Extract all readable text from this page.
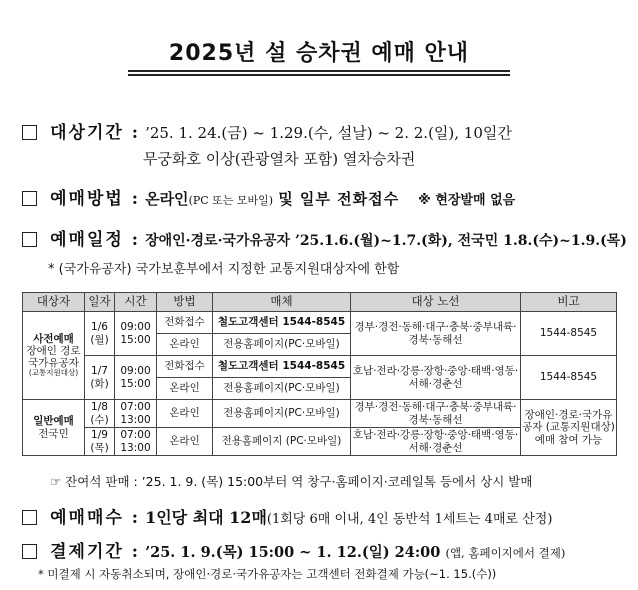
2025년 설 승차권 예매 안내
대상기간 : ’25. 1. 24.(금) ~ 1.29.(수, 설날) ~ 2. 2.(일), 10일간
무궁화호 이상(관광열차 포함) 열차승차권
예매방법 : 온라인(PC 또는 모바일) 및 일부 전화접수 ※ 현장발매 없음
예매일정 : 장애인·경로·국가유공자 ’25.1.6.(월)~1.7.(화), 전국민 1.8.(수)~1.9.(목)
* (국가유공자) 국가보훈부에서 지정한 교통지원대상자에 한함
대상자	일자	시간	방법	매체	대상 노선	비고

사전예매
장애인 경로 국가유공자
(교통지원대상)	1/6 (월)	09:00 15:00	전화접수	철도고객센터 1544-8545	경부·경전·동해·대구·충북·중부내륙·경북·동해선	1544-8545
			온라인	전용홈페이지(PC·모바일)		
	1/7 (화)	09:00 15:00	전화접수	철도고객센터 1544-8545	호남·전라·강릉·장항·중앙·태백·영동·서해·경춘선	1544-8545
			온라인	전용홈페이지(PC·모바일)		

일반예매
전국민	1/8 (수)	07:00 13:00	온라인	전용홈페이지(PC·모바일)	경부·경전·동해·대구·충북·중부내륙·경북·동해선	장애인·경로·국가유공자 (교통지원대상) 예매 참여 가능
	1/9 (목)	07:00 13:00	온라인	전용홈페이지 (PC·모바일)	호남·전라·강릉·장항·중앙·태백·영동·서해·경춘선	
☞ 잔여석 판매 : ’25. 1. 9. (목) 15:00부터 역 창구·홈페이지·코레일톡 등에서 상시 발매
예매매수 : 1인당 최대 12매(1회당 6매 이내, 4인 동반석 1세트는 4매로 산정)
결제기간 : ’25. 1. 9.(목) 15:00 ~ 1. 12.(일) 24:00 (앱, 홈페이지에서 결제)
* 미결제 시 자동취소되며, 장애인·경로·국가유공자는 고객센터 전화결제 가능(~1. 15.(수))
